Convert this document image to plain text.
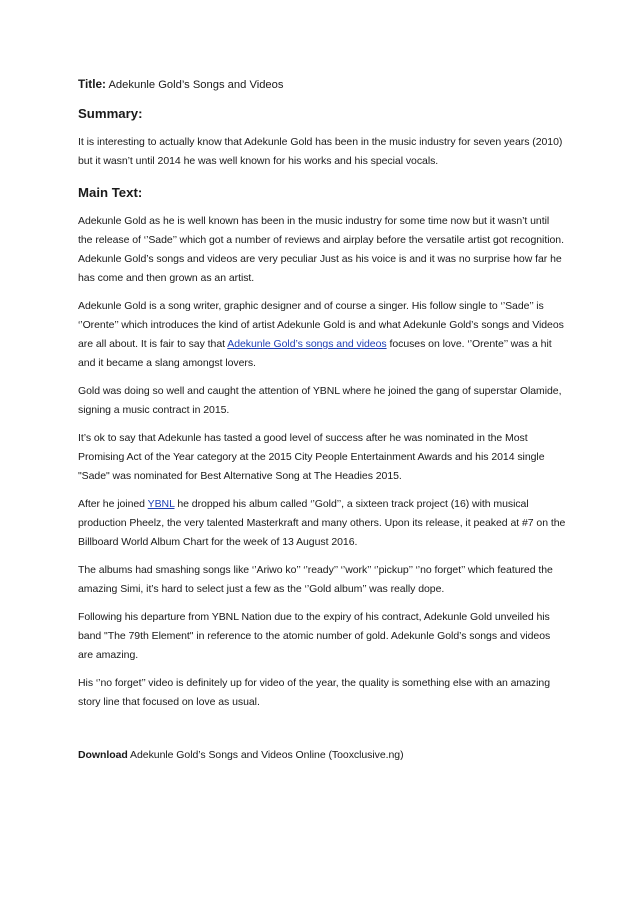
Title: Adekunle Gold’s Songs and Videos
Summary:

It is interesting to actually know that Adekunle Gold has been in the music industry for seven years (2010) but it wasn’t until 2014 he was well known for his works and his special vocals.

Main Text:

Adekunle Gold as he is well known has been in the music industry for some time now but it wasn’t until the release of ‘’Sade’’ which got a number of reviews and airplay before the versatile artist got recognition. Adekunle Gold’s songs and videos are very peculiar Just as his voice is and it was no surprise how far he has come and then grown as an artist.

Adekunle Gold is a song writer, graphic designer and of course a singer. His follow single to ‘’Sade’’ is ‘’Orente’’ which introduces the kind of artist Adekunle Gold is and what Adekunle Gold’s songs and Videos are all about. It is fair to say that Adekunle Gold’s songs and videos focuses on love. ‘’Orente’’ was a hit and it became a slang amongst lovers.

Gold was doing so well and caught the attention of YBNL where he joined the gang of superstar Olamide, signing a music contract in 2015.

It’s ok to say that Adekunle has tasted a good level of success after he was nominated in the Most Promising Act of the Year category at the 2015 City People Entertainment Awards and his 2014 single "Sade" was nominated for Best Alternative Song at The Headies 2015.

After he joined YBNL he dropped his album called ‘’Gold’’, a sixteen track project (16) with musical production Pheelz, the very talented Masterkraft and many others. Upon its release, it peaked at #7 on the Billboard World Album Chart for the week of 13 August 2016.

The albums had smashing songs like ‘’Ariwo ko’’ ‘’ready’’ ‘’work’’ ‘’pickup’’ ‘’no forget’’ which featured the amazing Simi, it’s hard to select just a few as the ‘’Gold album’’ was really dope.

Following his departure from YBNL Nation due to the expiry of his contract, Adekunle Gold unveiled his band "The 79th Element" in reference to the atomic number of gold. Adekunle Gold’s songs and videos are amazing.

His ‘’no forget’’ video is definitely up for video of the year, the quality is something else with an amazing story line that focused on love as usual.

Download Adekunle Gold’s Songs and Videos Online (Tooxclusive.ng)
